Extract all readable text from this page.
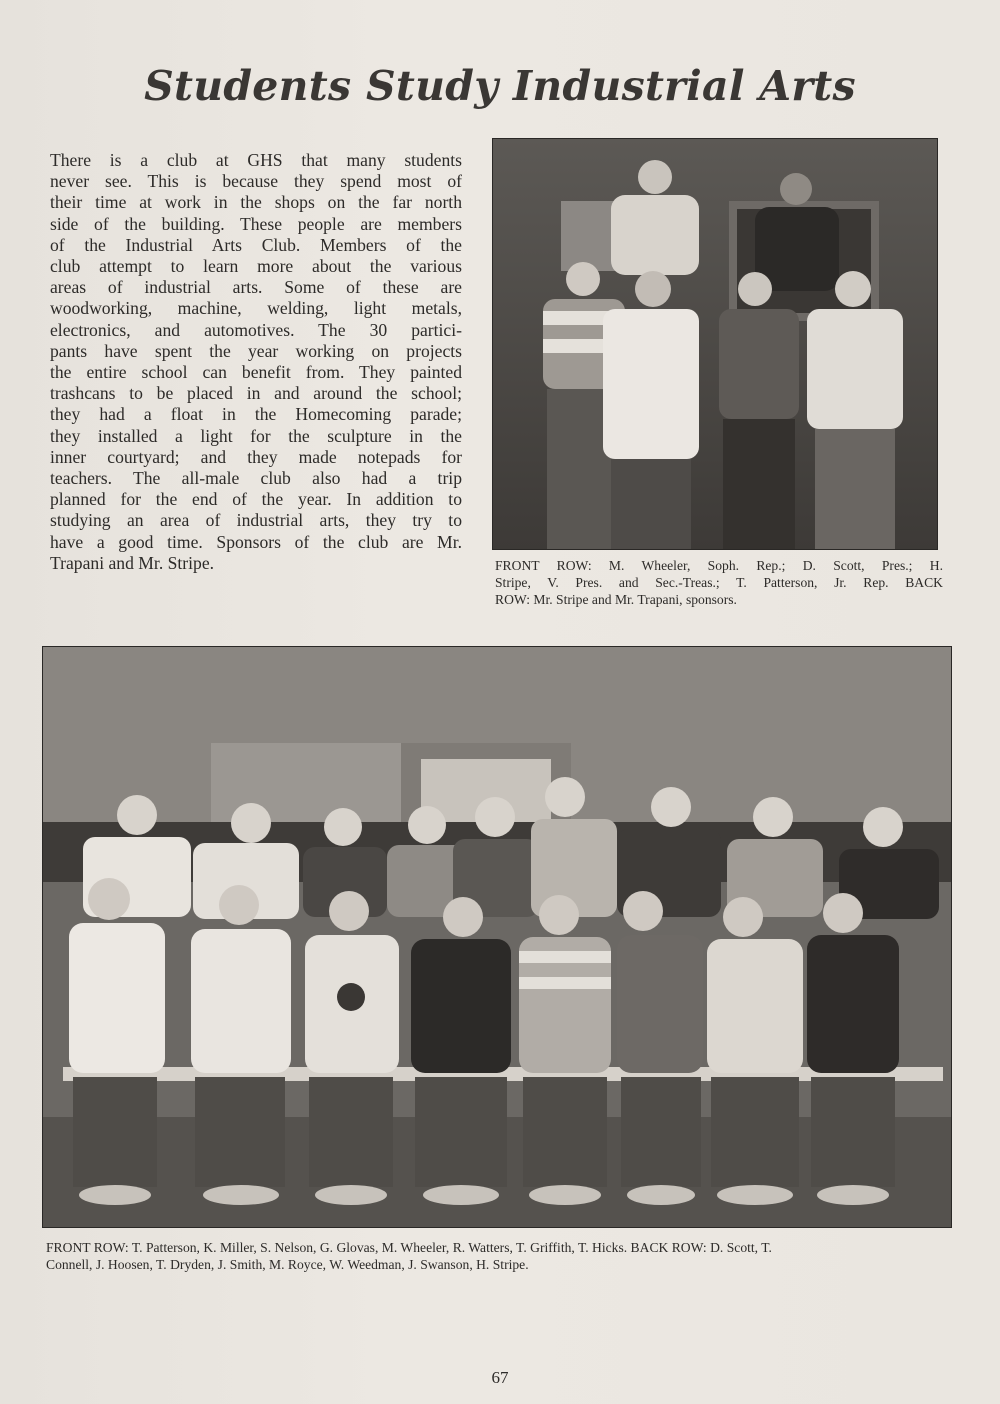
Students Study Industrial Arts

There is a club at GHS that many students
never see. This is because they spend most of
their time at work in the shops on the far north
side of the building. These people are members
of the Industrial Arts Club. Members of the
club attempt to learn more about the various
areas of industrial arts. Some of these are
woodworking, machine, welding, light metals,
electronics, and automotives. The 30 partici-
pants have spent the year working on projects
the entire school can benefit from. They painted
trashcans to be placed in and around the school;
they had a float in the Homecoming parade;
they installed a light for the sculpture in the
inner courtyard; and they made notepads for
teachers. The all-male club also had a trip
planned for the end of the year. In addition to
studying an area of industrial arts, they try to
have a good time. Sponsors of the club are Mr.
Trapani and Mr. Stripe.	FRONT ROW: M. Wheeler, Soph. Rep.; D. Scott, Pres.; H.
Stripe, V. Pres. and Sec.-Treas.; T. Patterson, Jr. Rep. BACK
ROW: Mr. Stripe and Mr. Trapani, sponsors.

FRONT ROW: T. Patterson, K. Miller, S. Nelson, G. Glovas, M. Wheeler, R. Watters, T. Griffith, T. Hicks. BACK ROW: D. Scott, T.
Connell, J. Hoosen, T. Dryden, J. Smith, M. Royce, W. Weedman, J. Swanson, H. Stripe.

67
